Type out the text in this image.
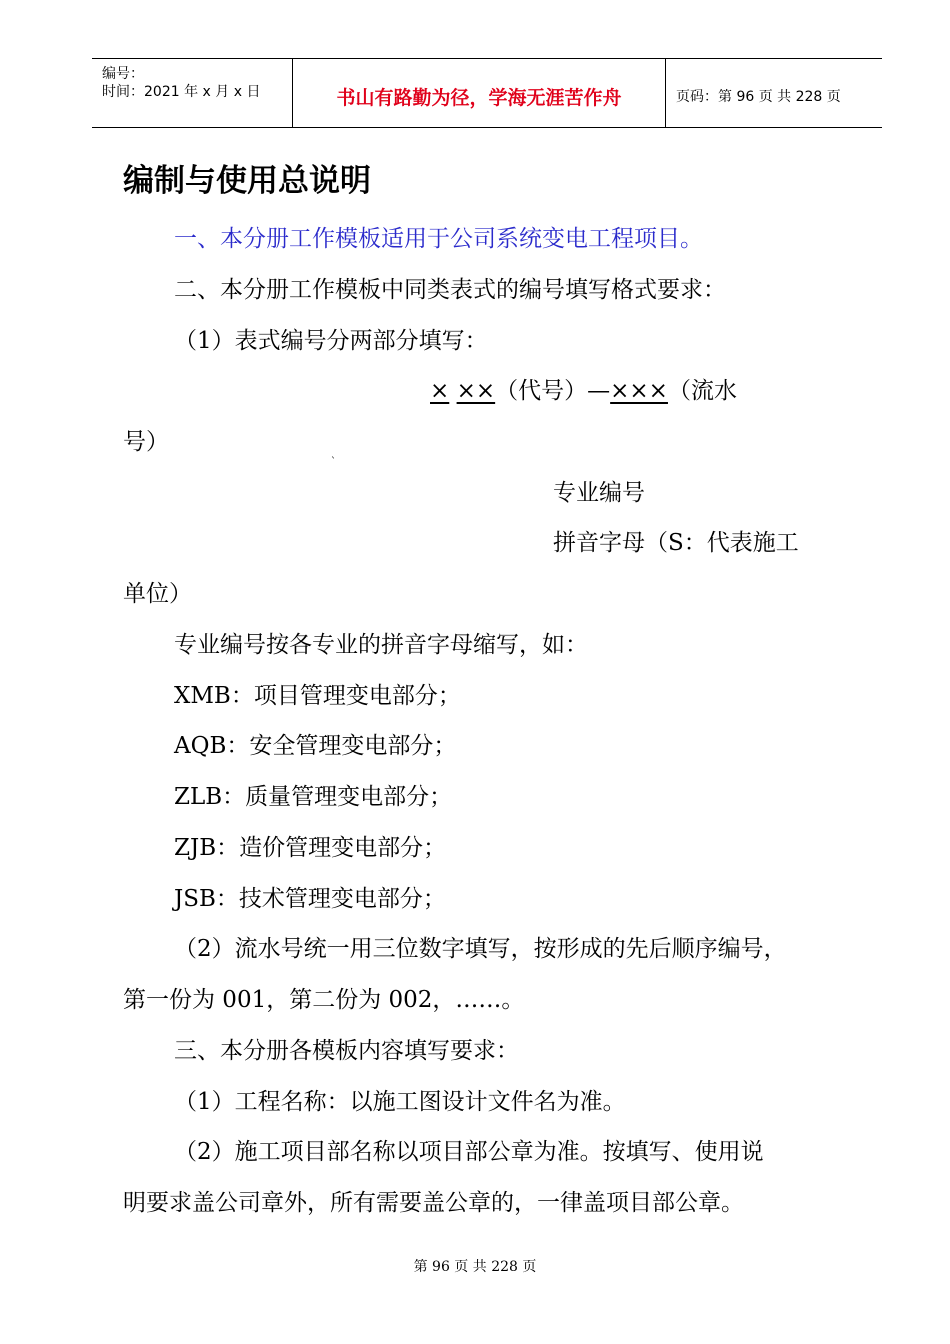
编号：
时间：2021 年 x 月 x 日	书山有路勤为径，学海无涯苦作舟	页码：第 96 页 共 228 页
编制与使用总说明
一、本分册工作模板适用于公司系统变电工程项目。
二、本分册工作模板中同类表式的编号填写格式要求：
（1）表式编号分两部分填写：
× ××（代号）—×××（流水
号）
`
专业编号
拼音字母（S：代表施工
单位）
专业编号按各专业的拼音字母缩写，如：
XMB：项目管理变电部分；
AQB：安全管理变电部分；
ZLB：质量管理变电部分；
ZJB：造价管理变电部分；
JSB：技术管理变电部分；
（2）流水号统一用三位数字填写，按形成的先后顺序编号，
第一份为 001，第二份为 002，……。
三、本分册各模板内容填写要求：
（1）工程名称：以施工图设计文件名为准。
（2）施工项目部名称以项目部公章为准。按填写、使用说
明要求盖公司章外，所有需要盖公章的，一律盖项目部公章。
第 96 页 共 228 页
